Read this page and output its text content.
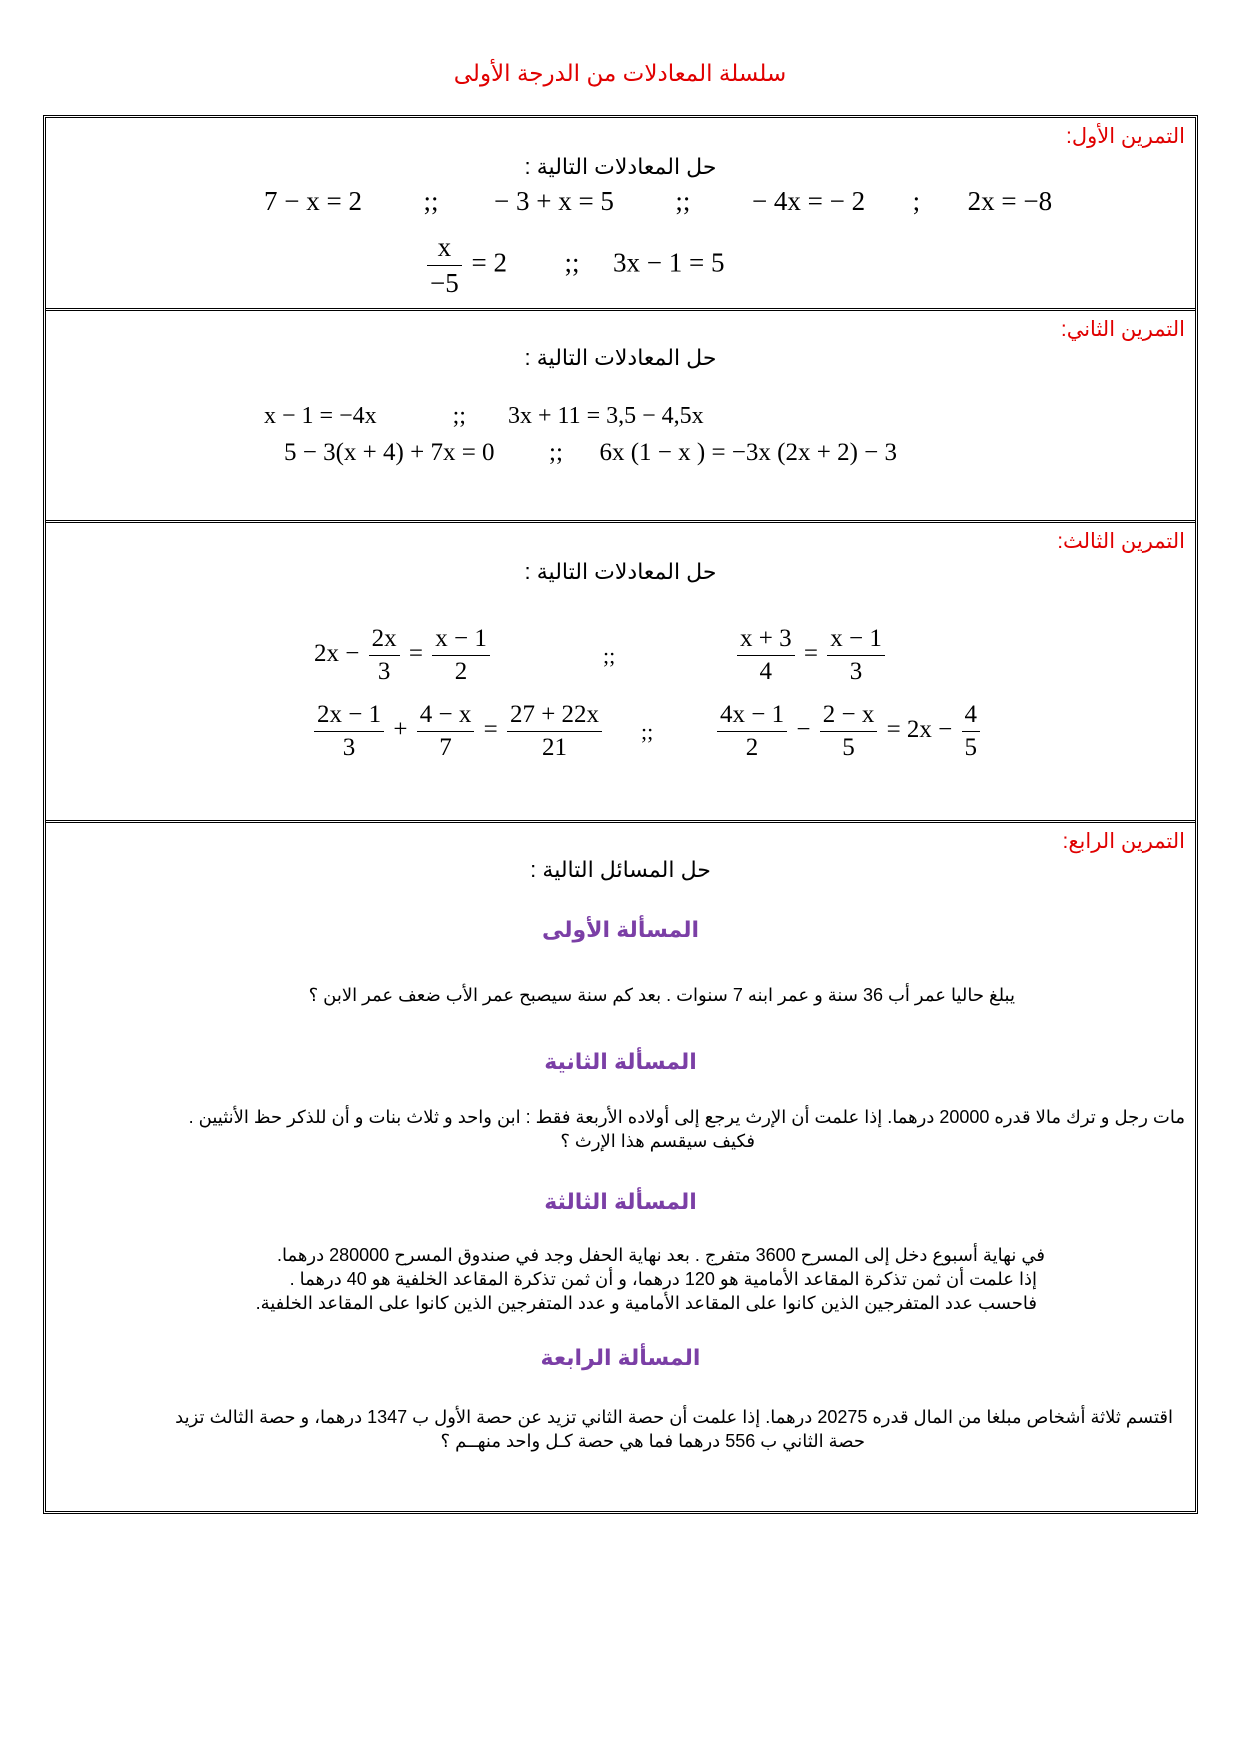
سلسلة المعادلات من الدرجة الأولى
التمرين الأول:
حل المعادلات التالية :
7 − x = 2 ;; − 3 + x = 5 ;; − 4x = − 2 ; 2x = −8
$\frac{x}{-5} = 2$ ;; 3x − 1 = 5
التمرين الثاني:
حل المعادلات التالية :
x − 1 = −4x	;; 3x + 11 = 3,5 − 4,5x
5 − 3(x + 4) + 7x = 0 ;; 6x (1 − x ) = −3x (2x + 2) − 3
التمرين الثالث:
حل المعادلات التالية :
$2x - \frac{2x}{3} = \frac{x - 1}{2}$	;;	$\frac{x + 3}{4} = \frac{x - 1}{3}$
$\frac{2x - 1}{3} + \frac{4 - x}{7} = \frac{27 + 22x}{21}$ ;;	$\frac{4x - 1}{2} - \frac{2 - x}{5} = 2x - \frac{4}{5}$
التمرين الرابع:
حل المسائل التالية :
المسألة الأولى
يبلغ حاليا عمر أب 36 سنة و عمر ابنه 7 سنوات . بعد كم سنة سيصبح عمر الأب ضعف عمر الابن ؟
المسألة الثانية
مات رجل و ترك مالا قدره 20000 درهما. إذا علمت أن الإرث يرجع إلى أولاده الأربعة فقط : ابن واحد و ثلاث بنات و أن للذكر حظ الأنثيين .
فكيف سيقسم هذا الإرث ؟
المسألة الثالثة
في نهاية أسبوع دخل إلى المسرح 3600 متفرج . بعد نهاية الحفل وجد في صندوق المسرح 280000 درهما.
إذا علمت أن ثمن تذكرة المقاعد الأمامية هو 120 درهما، و أن ثمن تذكرة المقاعد الخلفية هو 40 درهما .
فاحسب عدد المتفرجين الذين كانوا على المقاعد الأمامية و عدد المتفرجين الذين كانوا على المقاعد الخلفية.
المسألة الرابعة
اقتسم ثلاثة أشخاص مبلغا من المال قدره 20275 درهما. إذا علمت أن حصة الثاني تزيد عن حصة الأول ب 1347 درهما، و حصة الثالث تزيد
حصة الثاني ب 556 درهما فما هي حصة كـل واحد منهــم ؟
